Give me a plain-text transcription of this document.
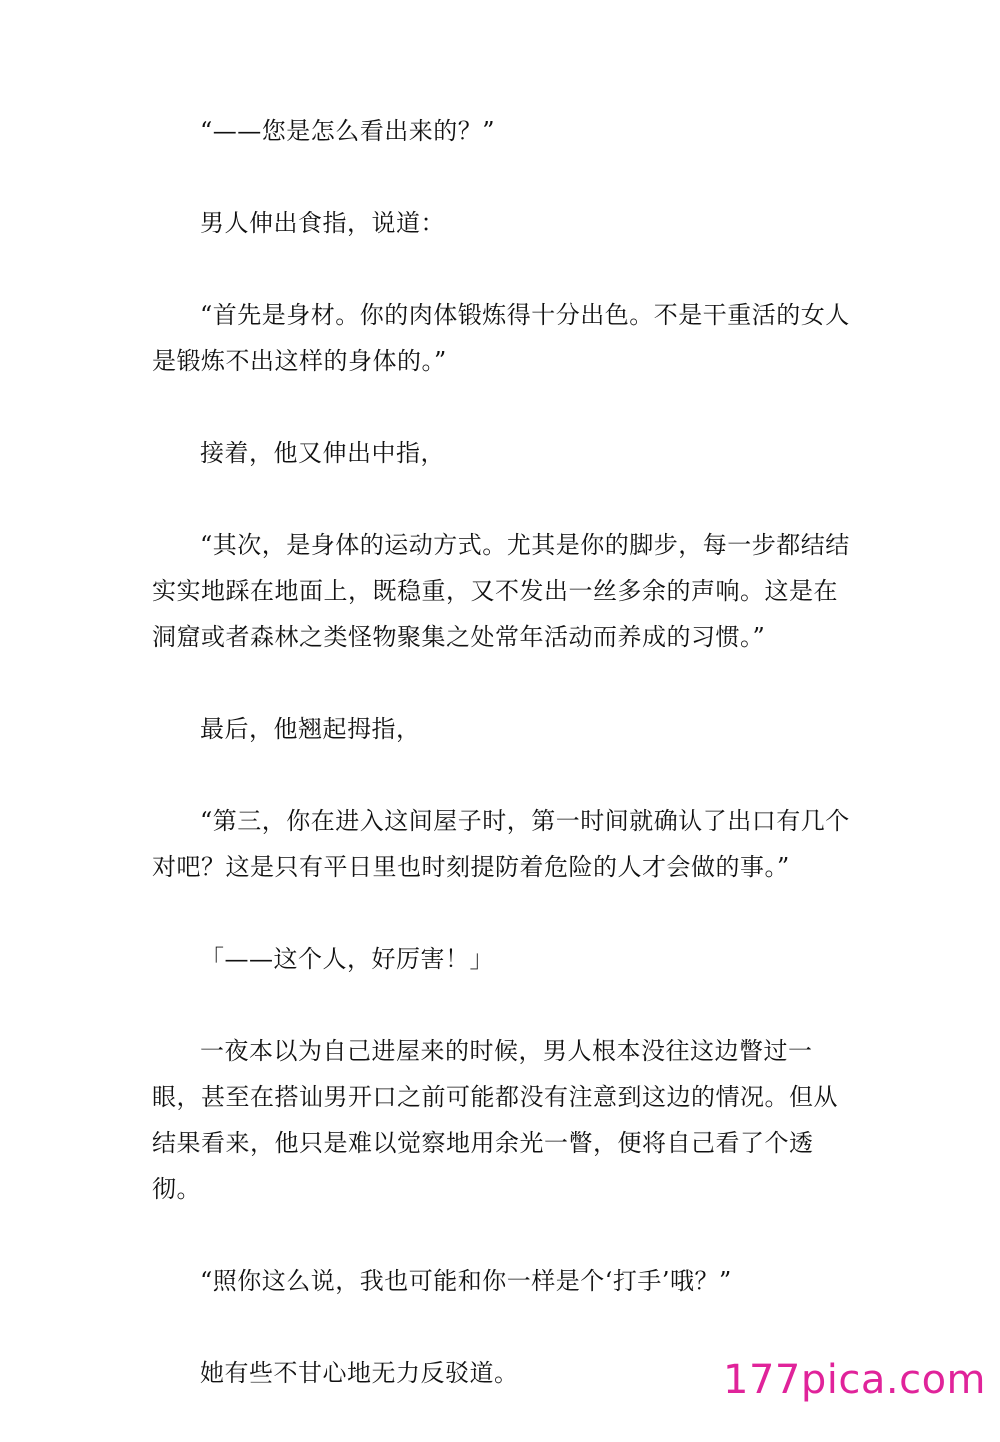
“——您是怎么看出来的？”

男人伸出食指，说道：

“首先是身材。你的肉体锻炼得十分出色。不是干重活的女人是锻炼不出这样的身体的。”

接着，他又伸出中指，

“其次，是身体的运动方式。尤其是你的脚步，每一步都结结实实地踩在地面上，既稳重，又不发出一丝多余的声响。这是在洞窟或者森林之类怪物聚集之处常年活动而养成的习惯。”

最后，他翘起拇指，

“第三，你在进入这间屋子时，第一时间就确认了出口有几个对吧？这是只有平日里也时刻提防着危险的人才会做的事。”

「——这个人，好厉害！」

一夜本以为自己进屋来的时候，男人根本没往这边瞥过一眼，甚至在搭讪男开口之前可能都没有注意到这边的情况。但从结果看来，他只是难以觉察地用余光一瞥，便将自己看了个透彻。

“照你这么说，我也可能和你一样是个‘打手’哦？”

她有些不甘心地无力反驳道。	177pica.com
